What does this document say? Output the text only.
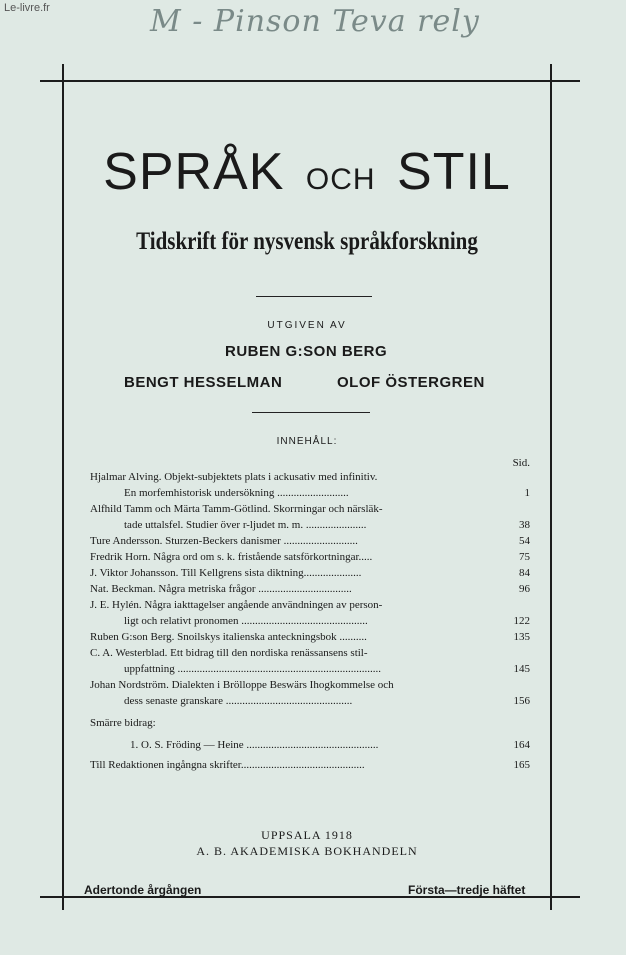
Le-livre.fr	M - Pinson Teva rely
SPRÅK OCH STIL
Tidskrift för nysvensk språkforskning
UTGIVEN AV
RUBEN G:SON BERG
BENGT HESSELMAN	OLOF ÖSTERGREN
INNEHÅLL:
Sid.
Hjalmar Alving. Objekt-subjektets plats i ackusativ med infinitiv.
En morfemhistorisk undersökning ..........................	1
Alfhild Tamm och Märta Tamm-Götlind. Skorrningar och närsläk-
tade uttalsfel. Studier över r-ljudet m. m. ......................	38
Ture Andersson. Sturzen-Beckers danismer ...........................	54
Fredrik Horn. Några ord om s. k. fristående satsförkortningar.....	75
J. Viktor Johansson. Till Kellgrens sista diktning.....................	84
Nat. Beckman. Några metriska frågor ..................................	96
J. E. Hylén. Några iakttagelser angående användningen av person-
ligt och relativt pronomen ..............................................	122
Ruben G:son Berg. Snoilskys italienska anteckningsbok ..........	135
C. A. Westerblad. Ett bidrag till den nordiska renässansens stil-
uppfattning ..........................................................................	145
Johan Nordström. Dialekten i Brölloppe Beswärs Ihogkommelse och
dess senaste granskare ..............................................	156
Smärre bidrag:
1. O. S. Fröding — Heine ................................................	164
Till Redaktionen ingångna skrifter.............................................	165
UPPSALA 1918
A. B. AKADEMISKA BOKHANDELN
Adertonde årgången	Första—tredje häftet
